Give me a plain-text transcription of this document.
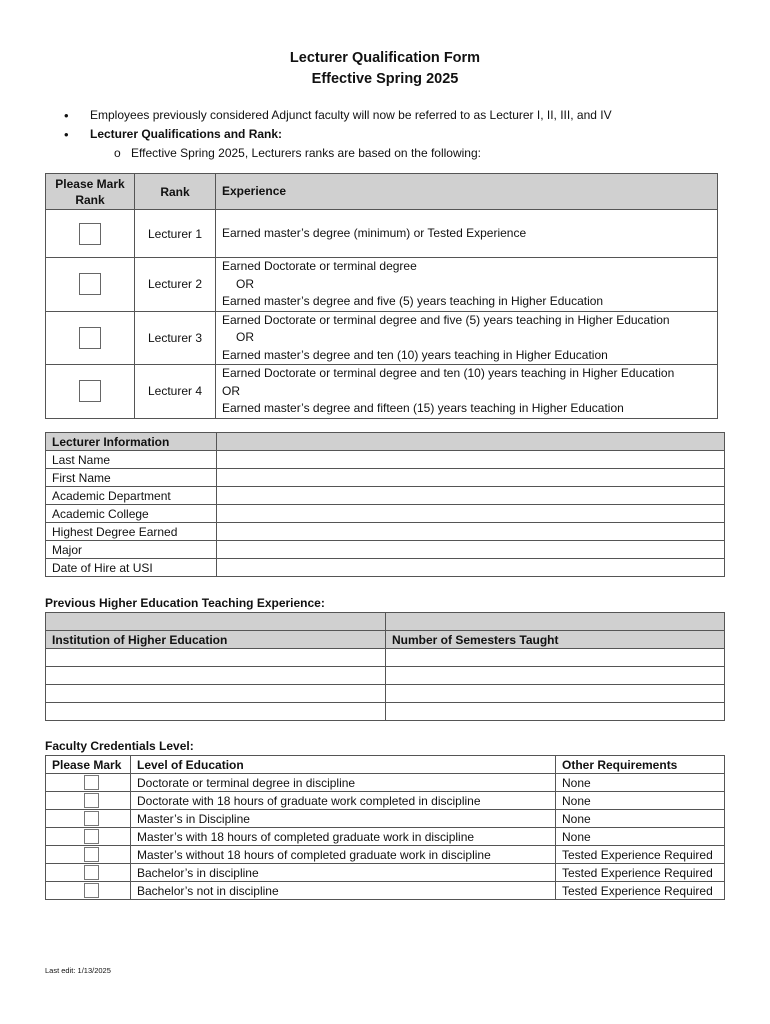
Lecturer Qualification Form
Effective Spring 2025
• Employees previously considered Adjunct faculty will now be referred to as Lecturer I, II, III, and IV
• Lecturer Qualifications and Rank:
o Effective Spring 2025, Lecturers ranks are based on the following:
Please Mark Rank	Rank	Experience

	Lecturer 1	Earned master’s degree (minimum) or Tested Experience

	Lecturer 2	Earned Doctorate or terminal degree
OR
Earned master’s degree and five (5) years teaching in Higher Education

	Lecturer 3	Earned Doctorate or terminal degree and five (5) years teaching in Higher Education
OR
Earned master’s degree and ten (10) years teaching in Higher Education

	Lecturer 4	Earned Doctorate or terminal degree and ten (10) years teaching in Higher Education
OR
Earned master’s degree and fifteen (15) years teaching in Higher Education
Lecturer Information	
Last Name	
First Name	
Academic Department	
Academic College	
Highest Degree Earned	
Major	
Date of Hire at USI	
Previous Higher Education Teaching Experience:

Institution of Higher Education	Number of Semesters Taught

Faculty Credentials Level:
Please Mark	Level of Education	Other Requirements

	Doctorate or terminal degree in discipline	None

	Doctorate with 18 hours of graduate work completed in discipline	None

	Master’s in Discipline	None

	Master’s with 18 hours of completed graduate work in discipline	None

	Master’s without 18 hours of completed graduate work in discipline	Tested Experience Required

	Bachelor’s in discipline	Tested Experience Required

	Bachelor’s not in discipline	Tested Experience Required
Last edit: 1/13/2025
